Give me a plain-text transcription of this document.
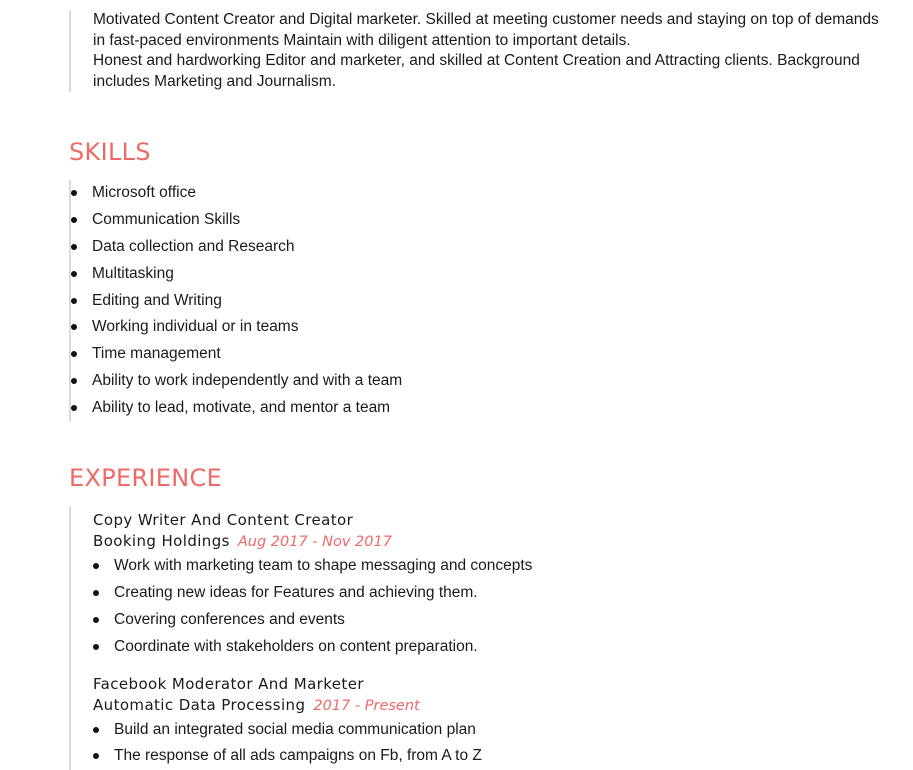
Motivated Content Creator and Digital marketer. Skilled at meeting customer needs and staying on top of demands in fast-paced environments Maintain with diligent attention to important details.

Honest and hardworking Editor and marketer, and skilled at Content Creation and Attracting clients. Background includes Marketing and Journalism.

SKILLS
Microsoft office
Communication Skills
Data collection and Research
Multitasking
Editing and Writing
Working individual or in teams
Time management
Ability to work independently and with a team
Ability to lead, motivate, and mentor a team
EXPERIENCE
Copy Writer And Content Creator
Booking Holdings Aug 2017 - Nov 2017
Work with marketing team to shape messaging and concepts
Creating new ideas for Features and achieving them.
Covering conferences and events
Coordinate with stakeholders on content preparation.
Facebook Moderator And Marketer
Automatic Data Processing 2017 - Present
Build an integrated social media communication plan
The response of all ads campaigns on Fb, from A to Z
